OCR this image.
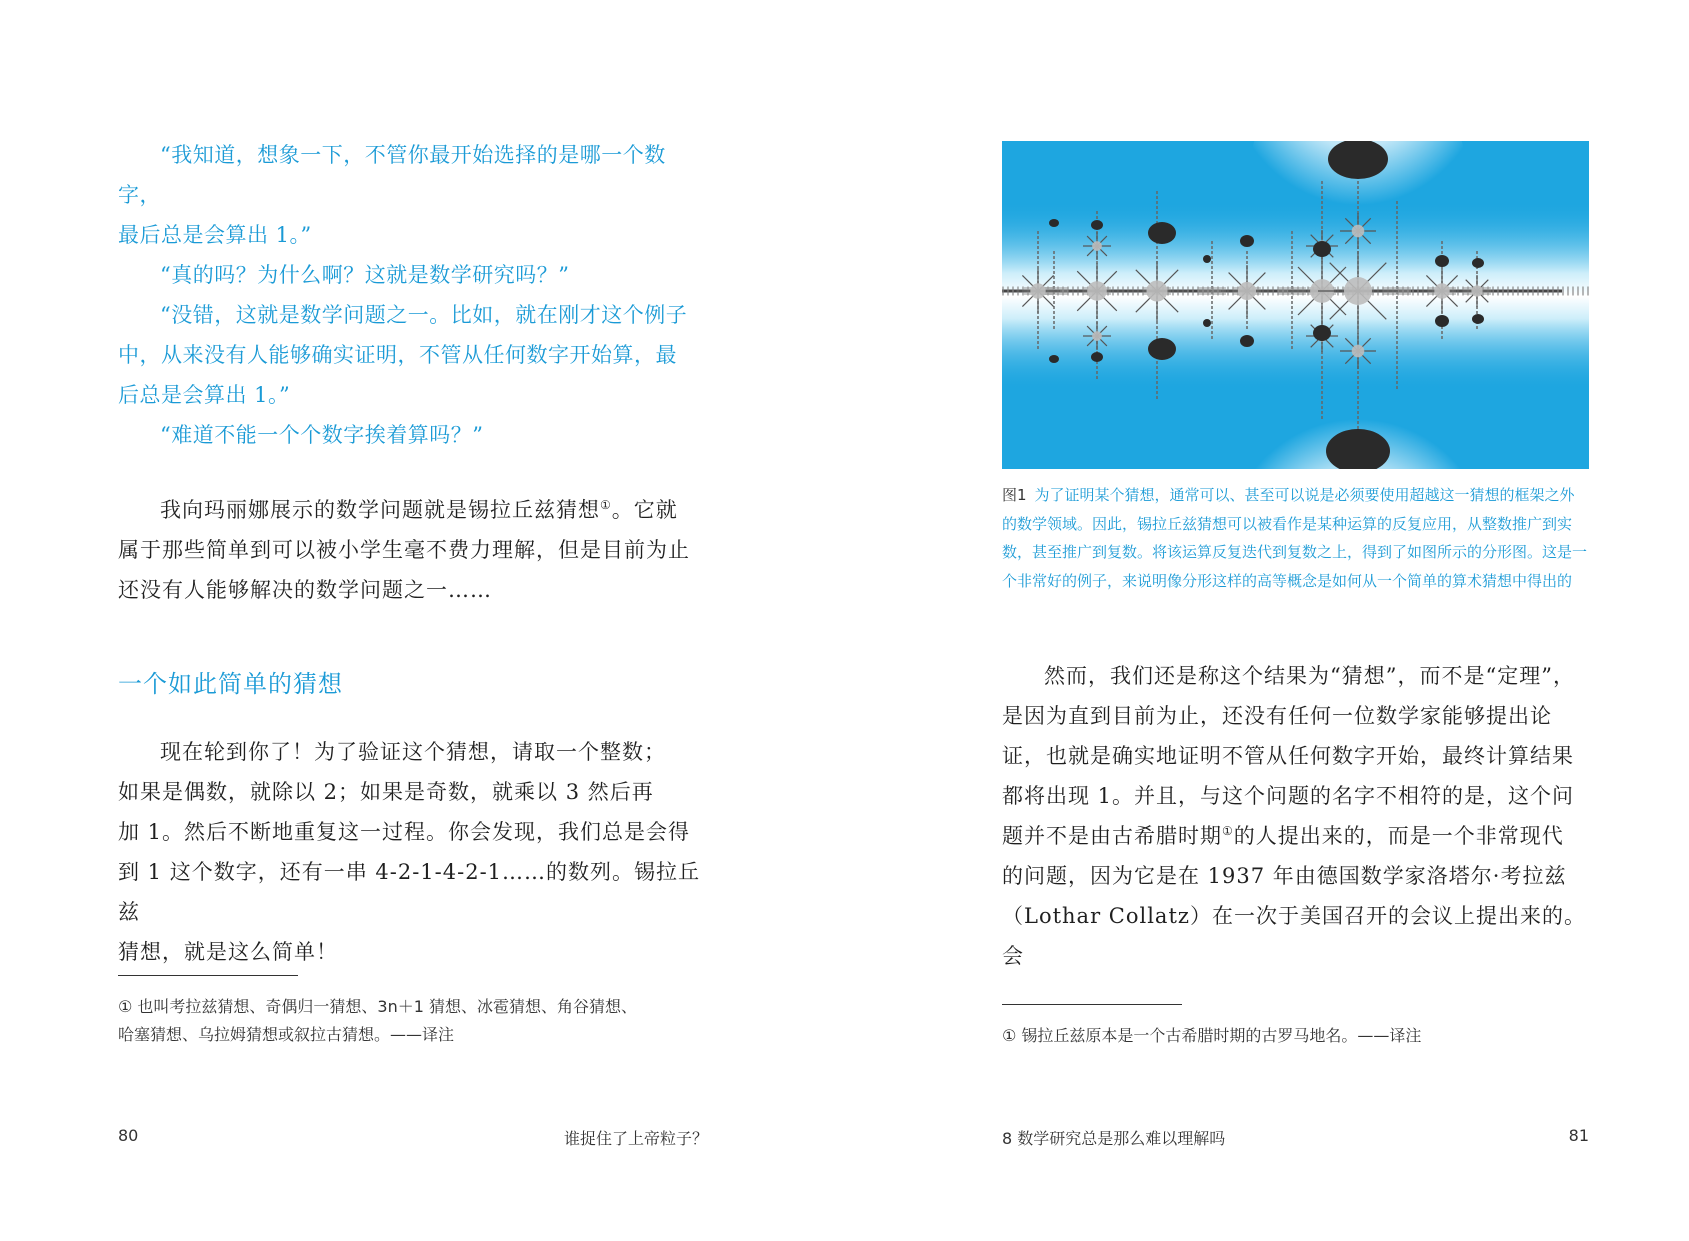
“我知道，想象一下，不管你最开始选择的是哪一个数字，

最后总是会算出 1。”

“真的吗？为什么啊？这就是数学研究吗？”

“没错，这就是数学问题之一。比如，就在刚才这个例子

中，从来没有人能够确实证明，不管从任何数字开始算，最

后总是会算出 1。”

“难道不能一个个数字挨着算吗？”

我向玛丽娜展示的数学问题就是锡拉丘兹猜想①。它就

属于那些简单到可以被小学生毫不费力理解，但是目前为止

还没有人能够解决的数学问题之一……

一个如此简单的猜想

现在轮到你了！为了验证这个猜想，请取一个整数；

如果是偶数，就除以 2；如果是奇数，就乘以 3 然后再

加 1。然后不断地重复这一过程。你会发现，我们总是会得

到 1 这个数字，还有一串 4-2-1-4-2-1……的数列。锡拉丘兹

猜想，就是这么简单！

① 也叫考拉兹猜想、奇偶归一猜想、3n＋1 猜想、冰雹猜想、角谷猜想、
哈塞猜想、乌拉姆猜想或叙拉古猜想。——译注
80	谁捉住了上帝粒子？
图1 为了证明某个猜想，通常可以、甚至可以说是必须要使用超越这一猜想的框架之外的数学领域。因此，锡拉丘兹猜想可以被看作是某种运算的反复应用，从整数推广到实数，甚至推广到复数。将该运算反复迭代到复数之上，得到了如图所示的分形图。这是一个非常好的例子，来说明像分形这样的高等概念是如何从一个简单的算术猜想中得出的

然而，我们还是称这个结果为“猜想”，而不是“定理”，

是因为直到目前为止，还没有任何一位数学家能够提出论

证，也就是确实地证明不管从任何数字开始，最终计算结果

都将出现 1。并且，与这个问题的名字不相符的是，这个问

题并不是由古希腊时期①的人提出来的，而是一个非常现代

的问题，因为它是在 1937 年由德国数学家洛塔尔·考拉兹

（Lothar Collatz）在一次于美国召开的会议上提出来的。会

① 锡拉丘兹原本是一个古希腊时期的古罗马地名。——译注
8 数学研究总是那么难以理解吗	81
